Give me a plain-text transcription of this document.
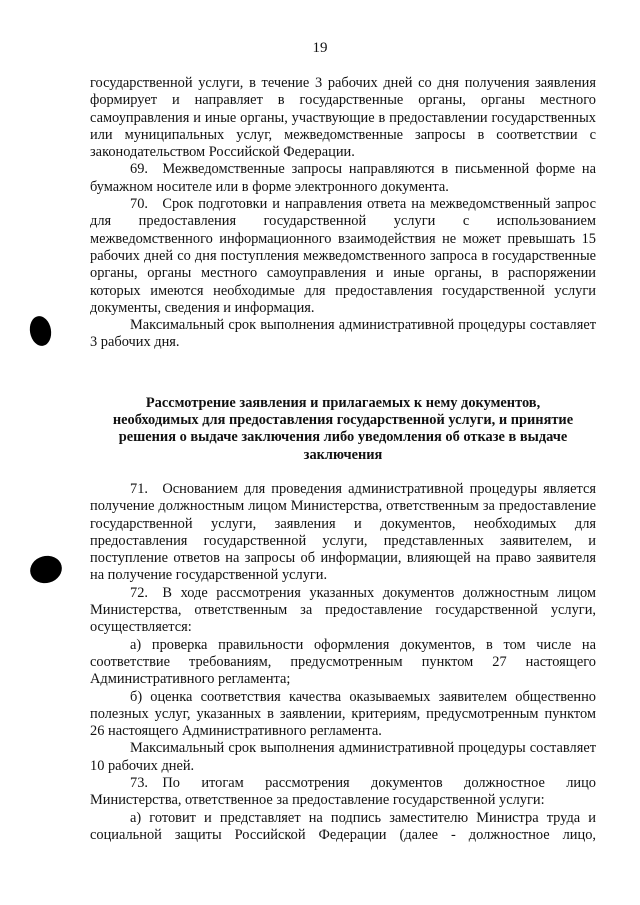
19

государственной услуги, в течение 3 рабочих дней со дня получения заявления формирует и направляет в государственные органы, органы местного самоуправления и иные органы, участвующие в предоставлении государственных или муниципальных услуг, межведомственные запросы в соответствии с законодательством Российской Федерации.

69. Межведомственные запросы направляются в письменной форме на бумажном носителе или в форме электронного документа.

70. Срок подготовки и направления ответа на межведомственный запрос для предоставления государственной услуги с использованием межведомственного информационного взаимодействия не может превышать 15 рабочих дней со дня поступления межведомственного запроса в государственные органы, органы местного самоуправления и иные органы, в распоряжении которых имеются необходимые для предоставления государственной услуги документы, сведения и информация.

Максимальный срок выполнения административной процедуры составляет 3 рабочих дня.

Рассмотрение заявления и прилагаемых к нему документов,
необходимых для предоставления государственной услуги, и принятие
решения о выдаче заключения либо уведомления об отказе в выдаче
заключения

71. Основанием для проведения административной процедуры является получение должностным лицом Министерства, ответственным за предоставление государственной услуги, заявления и документов, необходимых для предоставления государственной услуги, представленных заявителем, и поступление ответов на запросы об информации, влияющей на право заявителя на получение государственной услуги.

72. В ходе рассмотрения указанных документов должностным лицом Министерства, ответственным за предоставление государственной услуги, осуществляется:

а) проверка правильности оформления документов, в том числе на соответствие требованиям, предусмотренным пунктом 27 настоящего Административного регламента;

б) оценка соответствия качества оказываемых заявителем общественно полезных услуг, указанных в заявлении, критериям, предусмотренным пунктом 26 настоящего Административного регламента.

Максимальный срок выполнения административной процедуры составляет 10 рабочих дней.

73. По итогам рассмотрения документов должностное лицо Министерства, ответственное за предоставление государственной услуги:

а) готовит и представляет на подпись заместителю Министра труда и социальной защиты Российской Федерации (далее - должностное лицо,
